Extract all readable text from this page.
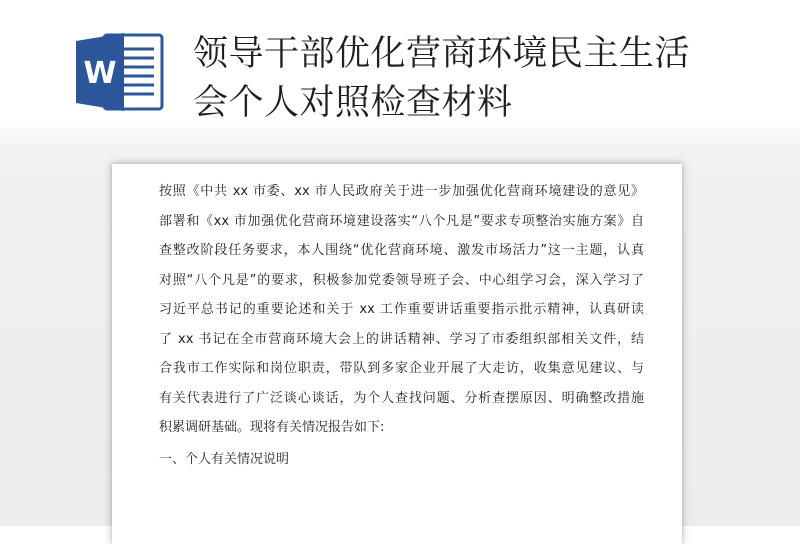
W 领导干部优化营商环境民主生活
会个人对照检查材料
按照《中共 xx 市委、xx 市人民政府关于进一步加强优化营商环境建设的意见》
部署和《xx 市加强优化营商环境建设落实“八个凡是”要求专项整治实施方案》自
查整改阶段任务要求，本人围绕“优化营商环境、激发市场活力”这一主题，认真
对照“八个凡是”的要求，积极参加党委领导班子会、中心组学习会，深入学习了
习近平总书记的重要论述和关于 xx 工作重要讲话重要指示批示精神，认真研读
了 xx 书记在全市营商环境大会上的讲话精神、学习了市委组织部相关文件，结
合我市工作实际和岗位职责，带队到多家企业开展了大走访，收集意见建议、与
有关代表进行了广泛谈心谈话，为个人查找问题、分析查摆原因、明确整改措施
积累调研基础。现将有关情况报告如下:
一、个人有关情况说明
